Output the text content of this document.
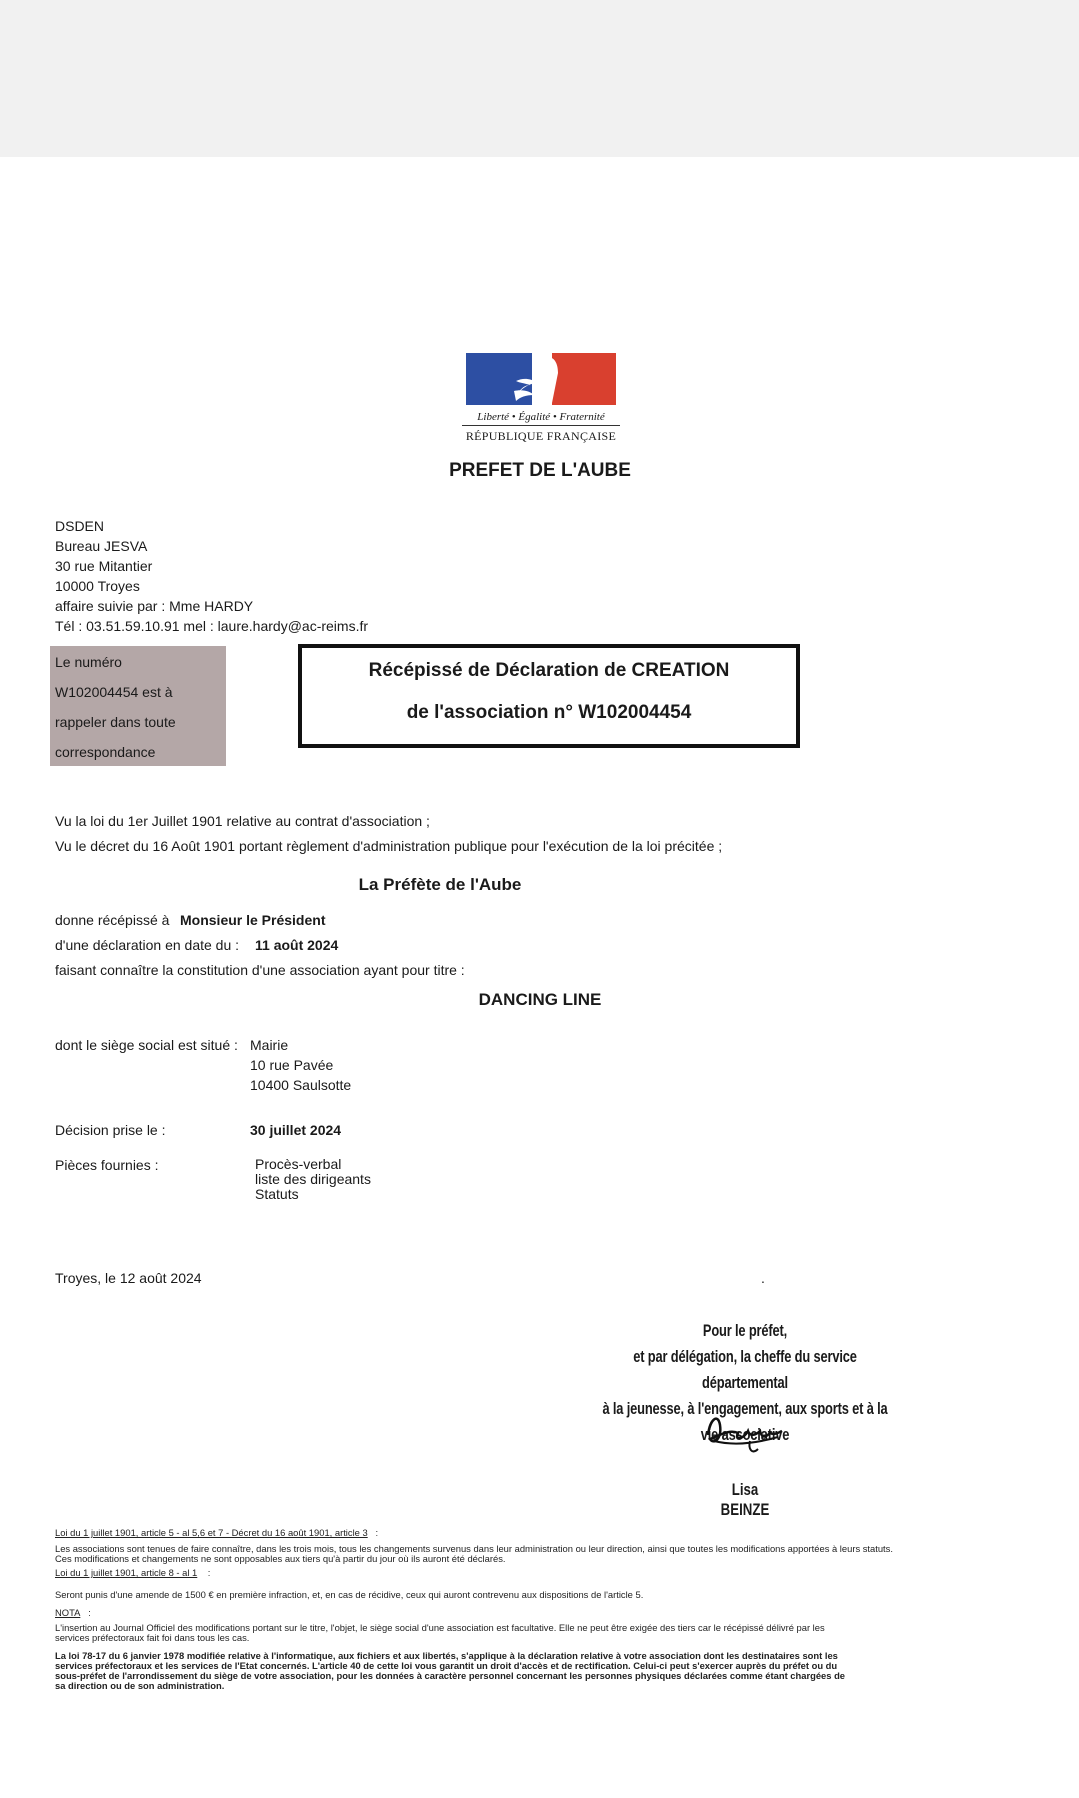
Liberté • Égalité • Fraternité
RÉPUBLIQUE FRANÇAISE
PREFET DE L'AUBE
DSDEN
Bureau JESVA
30 rue Mitantier
10000 Troyes
affaire suivie par : Mme HARDY
Tél : 03.51.59.10.91 mel : laure.hardy@ac-reims.fr
Le numéro
W102004454 est à
rappeler dans toute
correspondance
Récépissé de Déclaration de CREATION
de l'association n° W102004454
Vu la loi du 1er Juillet 1901 relative au contrat d'association ;
Vu le décret du 16 Août 1901 portant règlement d'administration publique pour l'exécution de la loi précitée ;
La Préfète de l'Aube
donne récépissé à Monsieur le Président
d'une déclaration en date du : 11 août 2024
faisant connaître la constitution d'une association ayant pour titre :
DANCING LINE
dont le siège social est situé : Mairie
10 rue Pavée
10400 Saulsotte
Décision prise le :	30 juillet 2024
Pièces fournies :	Procès-verbal
liste des dirigeants
Statuts
Troyes, le 12 août 2024	.
Pour le préfet,
et par délégation, la cheffe du service départemental
à la jeunesse, à l'engagement, aux sports et à la vie associative
Lisa BEINZE
Loi du 1 juillet 1901, article 5 - al 5,6 et 7 - Décret du 16 août 1901, article 3 :
Les associations sont tenues de faire connaître, dans les trois mois, tous les changements survenus dans leur administration ou leur direction, ainsi que toutes les modifications apportées à leurs statuts.
Ces modifications et changements ne sont opposables aux tiers qu'à partir du jour où ils auront été déclarés.
Loi du 1 juillet 1901, article 8 - al 1 :
Seront punis d'une amende de 1500 € en première infraction, et, en cas de récidive, ceux qui auront contrevenu aux dispositions de l'article 5.
NOTA :
L'insertion au Journal Officiel des modifications portant sur le titre, l'objet, le siège social d'une association est facultative. Elle ne peut être exigée des tiers car le récépissé délivré par les
services préfectoraux fait foi dans tous les cas.
La loi 78-17 du 6 janvier 1978 modifiée relative à l'informatique, aux fichiers et aux libertés, s'applique à la déclaration relative à votre association dont les destinataires sont les
services préfectoraux et les services de l'Etat concernés. L'article 40 de cette loi vous garantit un droit d'accès et de rectification. Celui-ci peut s'exercer auprès du préfet ou du
sous-préfet de l'arrondissement du siège de votre association, pour les données à caractère personnel concernant les personnes physiques déclarées comme étant chargées de
sa direction ou de son administration.
